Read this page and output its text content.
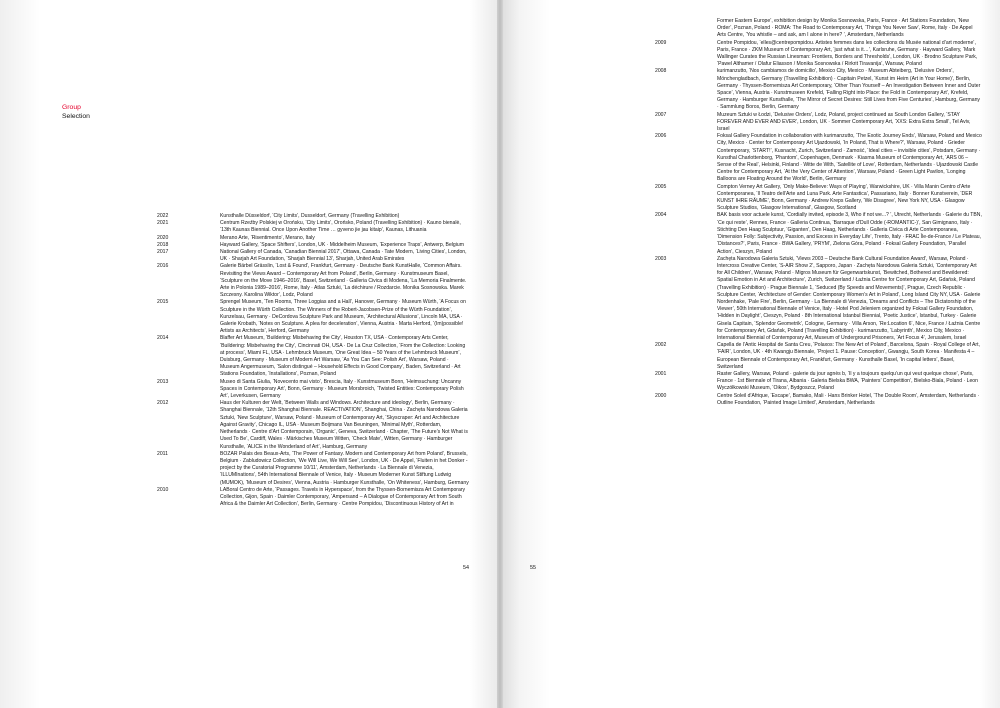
Group
Selection
2022	Kunsthalle Düsseldorf, ‘City Limits’, Dusseldorf, Germany (Travelling Exhibition)

2021	Centrum Rzeźby Polskiej w Orońsku, ‘City Limits’, Orońsko, Poland (Travelling Exhibition) · Kauno bienalė, ‘13th Kaunas Biennial. Once Upon Another Time … gyveno jie jau kitaip’, Kaunas, Lithuania

2020	Merano Arte, ‘Risentimento’, Merano, Italy

2018	Hayward Gallery, ‘Space Shifters’, London, UK · Middelheim Museum, ‘Experience Traps’, Antwerp, Belgium

2017	National Gallery of Canada, ‘Canadian Biennial 2017’, Ottawa, Canada · Tate Modern, ‘Living Cities’, London, UK · Sharjah Art Foundation, ‘Sharjah Biennial 13’, Sharjah, United Arab Emirates

2016	Galerie Bärbel Grässlin, ‘Lost & Found’, Frankfurt, Germany · Deutsche Bank KunstHalle, ‘Common Affairs. Revisiting the Views Award – Contemporary Art from Poland’, Berlin, Germany · Kunstmuseum Basel, ‘Sculpture on the Move 1946–2016’, Basel, Switzerland · Galleria Civica di Modena, ‘La Memoria Finalmente. Arte in Polonia 1989–2016’, Rome, Italy · Atlas Sztuki, ‘La déchirure / Rozdarcie. Monika Sosnowska. Marek Szczesny. Karolina Wiktor’, Lodz, Poland

2015	Sprengel Museum, ‘Ten Rooms, Three Loggias and a Hall’, Hanover, Germany · Museum Würth, ‘A Focus on Sculpture in the Würth Collection. The Winners of the Robert-Jacobsen-Prize of the Würth Foundation’, Kunzelsau, Germany · DeCordova Sculpture Park and Museum, ‘Architectural Allusions’, Lincoln MA, USA · Galerie Krobath, ‘Notes on Sculpture. A plea for deceleration’, Vienna, Austria · Marta Herford, ‘(Im)possible! Artists as Architects’, Herford, Germany

2014	Blaffer Art Museum, ‘Buildering: Misbehaving the City’, Houston TX, USA · Contemporary Arts Center, ‘Buildering: Misbehaving the City’, Cincinnati OH, USA · De La Cruz Collection, ‘From the Collection: Looking at process’, Miami FL, USA · Lehmbruck Museum, ‘One Great Idea – 50 Years of the Lehmbruck Museum’, Duisburg, Germany · Museum of Modern Art Warsaw, ‘As You Can See: Polish Art’, Warsaw, Poland · Museum Angermuseum, ‘Salon distingué – Household Effects in Good Company’, Baden, Switzerland · Art Stations Foundation, ‘Installations’, Poznan, Poland

2013	Museo di Santa Giulia, ‘Novecento mai visto’, Brescia, Italy · Kunstmuseum Bonn, ‘Heimsuchung: Uncanny Spaces in Contemporary Art’, Bonn, Germany · Museum Morsbroich, ‘Twisted Entities: Contemporary Polish Art’, Leverkusen, Germany

2012	Haus der Kulturen der Welt, ‘Between Walls and Windows. Architecture and ideology’, Berlin, Germany · Shanghai Biennale, ‘12th Shanghai Biennale. REACTIVATION’, Shanghai, China · Zachęta Narodowa Galeria Sztuki, ‘New Sculpture’, Warsaw, Poland · Museum of Contemporary Art, ‘Skyscraper: Art and Architecture Against Gravity’, Chicago IL, USA · Museum Boijmans Van Beuningen, ‘Minimal Myth’, Rotterdam, Netherlands · Centre d’Art Contemporain, ‘Organic’, Geneva, Switzerland · Chapter, ‘The Future’s Not What is Used To Be’, Cardiff, Wales · Märkisches Museum Witten, ‘Check Mate’, Witten, Germany · Hamburger Kunsthalle, ‘ALICE in the Wonderland of Art’, Hamburg, Germany

2011	BOZAR Palais des Beaux-Arts, ‘The Power of Fantasy. Modern and Contemporary Art from Poland’, Brussels, Belgium · Zabludowicz Collection, ‘We Will Live, We Will See’, London, UK · De Appel, ‘Fluiten in het Donker - project by the Curatorial Programme 10/11’, Amsterdam, Netherlands · La Biennale di Venezia, ‘ILLUMInations’, 54th International Biennale of Venice, Italy · Museum Moderner Kunst Stiftung Ludwig (MUMOK), ‘Museum of Desires’, Vienna, Austria · Hamburger Kunsthalle, ‘On Whiteness’, Hamburg, Germany

2010	LABoral Centro de Arte, ‘Passages. Travels in Hyperspace’, from the Thyssen-Bornemisza Art Contemporary Collection, Gijon, Spain · Daimler Contemporary, ‘Ampersand – A Dialogue of Contemporary Art from South Africa & the Daimler Art Collection’, Berlin, Germany · Centre Pompidou, ‘Discontinuous History of Art in

54

Former Eastern Europe’, exhibition design by Monika Sosnowska, Paris, France · Art Stations Foundation, ‘New Order’, Poznan, Poland · ROMA: The Road to Contemporary Art, ‘Things You Never Saw’, Rome, Italy · De Appel Arts Centre, ‘You whistle – and ask, am I alone in here? ’, Amsterdam, Netherlands

2009	Centre Pompidou, ‘elles@centrepompidou. Artistes femmes dans les collections du Musée national d’art moderne’, Paris, France · ZKM Museum of Contemporary Art, ‘just what is it…’, Karlsruhe, Germany · Hayward Gallery, ‘Mark Wallinger Curates the Russian Linesman: Frontiers, Borders and Thresholds’, London, UK · Brodno Sculpture Park, ‘Pawel Althamer / Olafur Eliasson / Monika Sosnowska / Rirkrit Tiravanija’, Warsaw, Poland

2008	kurimanzutto, ‘Nos cambiamos de domicilio’, Mexico City, Mexico · Museum Abteiberg, ‘Delusive Orders’, Mönchengladbach, Germany (Travelling Exhibition) · Capitain Petzel, ‘Kunst im Heim (Art in Your Home)’, Berlin, Germany · Thyssen-Bornemisza Art Contemporary, ‘Other Than Yourself – An Investigation Between Inner and Outer Space’, Vienna, Austria · Kunstmuseen Krefeld, ‘Falling Right into Place: the Fold in Contemporary Art’, Krefeld, Germany · Hamburger Kunsthalle, ‘The Mirror of Secret Desires: Still Lives from Five Centuries’, Hamburg, Germany · Sammlung Boros, Berlin, Germany

2007	Muzeum Sztuki w Łodzi, ‘Delusive Orders’, Lodz, Poland, project continued as South London Gallery, ‘STAY FOREVER AND EVER AND EVER’, London, UK · Sommer Contemporary Art, ‘XXS: Extra Extra Small’, Tel Aviv, Israel

2006	Foksal Gallery Foundation in collaboration with kurimanzutto, ‘The Exotic Journey Ends’, Warsaw, Poland and Mexico City, Mexico · Center for Contemporary Art Ujazdowski, ‘In Poland, That is Where?’, Warsaw, Poland · Grieder Contemporary, ‘START!’, Kusnacht, Zurich, Switzerland · Zamość, ‘Ideal cities – invisible cities’, Potsdam, Germany · Kunsthal Charlottenborg, ‘Phantom’, Copenhagen, Denmark · Kiasma Museum of Contemporary Art, ‘ARS 06 – Sense of the Real’, Helsinki, Finland · Witte de With, ‘Satellite of Love’, Rotterdam, Netherlands · Ujazdowski Castle Centre for Contemporary Art, ‘At the Very Center of Attention’, Warsaw, Poland · Green Light Pavilon, ‘Longing Balloons are Floating Around the World’, Berlin, Germany

2005	Compton Verney Art Gallery, ‘Only Make-Believe: Ways of Playing’, Warwickshire, UK · Villa Manin Centro d’Arte Contemporanea, ‘Il Teatro dell’Arte and Luna Park. Arte Fantastica’, Passariano, Italy · Bonner Kunstverein, ‘DER KUNST IHRE RÄUME’, Bonn, Germany · Andrew Kreps Gallery, ‘We Disagree’, New York NY, USA · Glasgow Sculpture Studios, ‘Glasgow International’, Glasgow, Scotland

2004	BAK basis voor actuele kunst, ‘Cordially invited, episode 3, Who if not we...? ’, Utrecht, Netherlands · Galerie du TBN, ‘Ce qui reste’, Rennes, France · Galleria Continua, ‘Barraque d’Dull Odde (-ROMANTIC-)’, San Gimignano, Italy · Stichting Den Haag Sculptuur, ‘Giganten’, Den Haag, Netherlands · Galleria Civica di Arte Contemporanea, ‘Dimension Folly: Subjectivity, Passion, and Excess in Everyday Life’, Trento, Italy · FRAC Île-de-France / Le Plateau, ‘Distances?’, Paris, France · BWA Gallery, ‘PRYM’, Zielona Góra, Poland · Foksal Gallery Foundation, ‘Parallel Action’, Cieszyn, Poland

2003	Zachęta Narodowa Galeria Sztuki, ‘Views 2003 – Deutsche Bank Cultural Foundation Award’, Warsaw, Poland · Intercross Creative Center, ‘S-AIR Show 2’, Sapporo, Japan · Zachęta Narodowa Galeria Sztuki, ‘Contemporary Art for All Children’, Warsaw, Poland · Migros Museum für Gegenwartskunst, ‘Bewitched, Bothered and Bewildered: Spatial Emotion in Art and Architecture’, Zurich, Switzerland / Łaźnia Centre for Contemporary Art, Gdańsk, Poland (Travelling Exhibition) · Prague Biennale 1, ‘Seduced (By Speeds and Movements)’, Prague, Czech Republic · Sculpture Center, ‘Architecture of Gender: Contemporary Women’s Art in Poland’, Long Island City NY, USA · Galerie Nordenhake, ‘Pale Fire’, Berlin, Germany · La Biennale di Venezia, ‘Dreams and Conflicts – The Dictatorship of the Viewer’, 50th International Biennale of Venice, Italy · Hotel Pod Jeleniem organized by Foksal Gallery Foundation, ‘Hidden in Daylight’, Cieszyn, Poland · 8th International Istanbul Biennial, ‘Poetic Justice’, Istanbul, Turkey · Galerie Gisela Capitain, ‘Splendor Geometrik’, Cologne, Germany · Villa Arson, ‘Re:Location 6’, Nice, France / Łaźnia Centre for Contemporary Art, Gdańsk, Poland (Travelling Exhibition) · kurimanzutto, ‘Labyrinth’, Mexico City, Mexico · International Biennial of Contemporary Art, Museum of Underground Prisoners, ‘Art Focus 4’, Jerusalem, Israel

2002	Capella de l’Antic Hospital de Santa Creu, ‘Polaxos: The New Art of Poland’, Barcelona, Spain · Royal College of Art, ‘FAIR’, London, UK · 4th Kwangju Biennale, ‘Project 1. Pause: Conception’, Gwangju, South Korea · Manifesta 4 – European Biennale of Contemporary Art, Frankfurt, Germany · Kunsthalle Basel, ‘In capital letters’, Basel, Switzerland

2001	Raster Gallery, Warsaw, Poland · galerie du jour agnès b, ‘Il y a toujours quelqu’un qui veut quelque chose’, Paris, France · 1st Biennale of Tirana, Albania · Galeria Bielska BWA, ‘Painters’ Competition’, Bielsko-Biala, Poland · Leon Wyczółkowski Museum, ‘Oikos’, Bydgoszcz, Poland

2000	Centre Soleil d’Afrique, ‘Escape’, Bamako, Mali · Hans Brinker Hotel, ‘The Double Room’, Amsterdam, Netherlands · Outline Foundation, ‘Painted Image Limited’, Amsterdam, Netherlands

55
